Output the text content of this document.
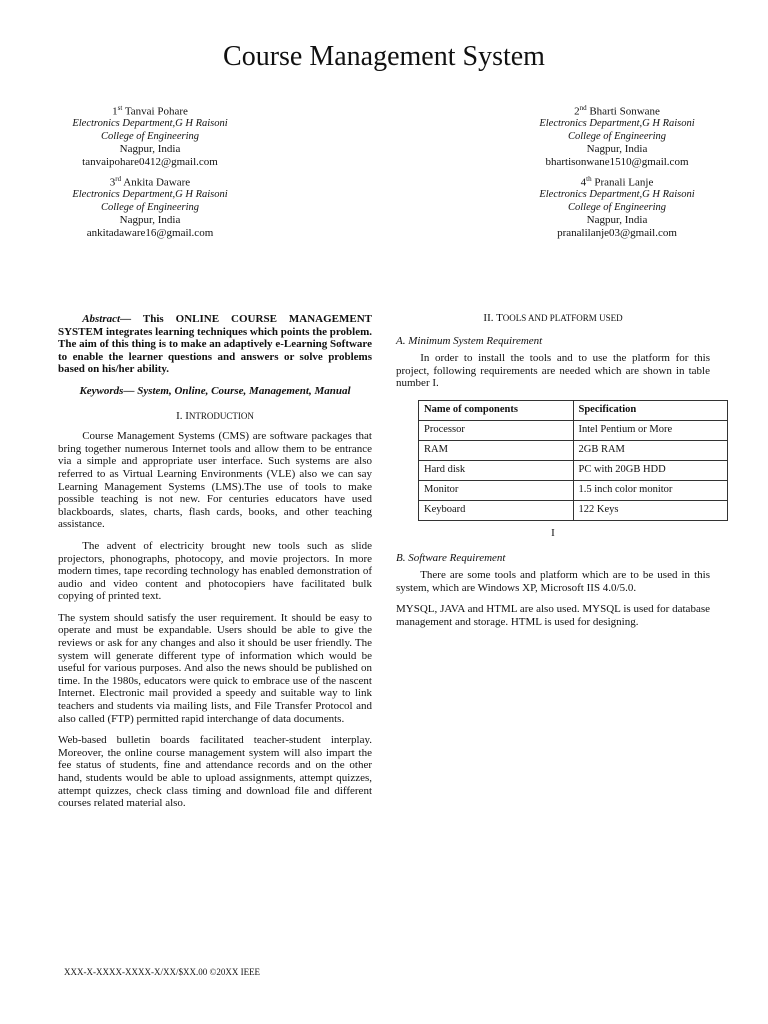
Course Management System
1st Tanvai Pohare
Electronics Department,G H Raisoni
College of Engineering
Nagpur, India
tanvaipohare0412@gmail.com
2nd Bharti Sonwane
Electronics Department,G H Raisoni
College of Engineering
Nagpur, India
bhartisonwane1510@gmail.com
3rd Ankita Daware
Electronics Department,G H Raisoni
College of Engineering
Nagpur, India
ankitadaware16@gmail.com
4th Pranali Lanje
Electronics Department,G H Raisoni
College of Engineering
Nagpur, India
pranalilanje03@gmail.com

Abstract— This ONLINE COURSE MANAGEMENT SYSTEM integrates learning techniques which points the problem. The aim of this thing is to make an adaptively e-Learning Software to enable the learner questions and answers or solve problems based on his/her ability.

Keywords— System, Online, Course, Management, Manual

I. INTRODUCTION

Course Management Systems (CMS) are software packages that bring together numerous Internet tools and allow them to be entrance via a simple and appropriate user interface. Such systems are also referred to as Virtual Learning Environments (VLE) also we can say Learning Management Systems (LMS).The use of tools to make possible teaching is not new. For centuries educators have used blackboards, slates, charts, flash cards, books, and other teaching assistance.

The advent of electricity brought new tools such as slide projectors, phonographs, photocopy, and movie projectors. In more modern times, tape recording technology has enabled demonstration of audio and video content and photocopiers have facilitated bulk copying of printed text.

The system should satisfy the user requirement. It should be easy to operate and must be expandable. Users should be able to give the reviews or ask for any changes and also it should be user friendly. The system will generate different type of information which would be useful for various purposes. And also the news should be published on time. In the 1980s, educators were quick to embrace use of the nascent Internet. Electronic mail provided a speedy and suitable way to link teachers and students via mailing lists, and File Transfer Protocol and also called (FTP) permitted rapid interchange of data documents.

Web-based bulletin boards facilitated teacher-student interplay. Moreover, the online course management system will also impart the fee status of students, fine and attendance records and on the other hand, students would be able to upload assignments, attempt quizzes, attempt quizzes, check class timing and download file and different courses related material also.

II. TOOLS AND PLATFORM USED
A. Minimum System Requirement

In order to install the tools and to use the platform for this project, following requirements are needed which are shown in table number I.

Name of components	Specification
Processor	Intel Pentium or More
RAM	2GB RAM
Hard disk	PC with 20GB HDD
Monitor	1.5 inch color monitor
Keyboard	122 Keys
I
B. Software Requirement

There are some tools and platform which are to be used in this system, which are Windows XP, Microsoft IIS 4.0/5.0.

MYSQL, JAVA and HTML are also used. MYSQL is used for database management and storage. HTML is used for designing.

XXX-X-XXXX-XXXX-X/XX/$XX.00 ©20XX IEEE
